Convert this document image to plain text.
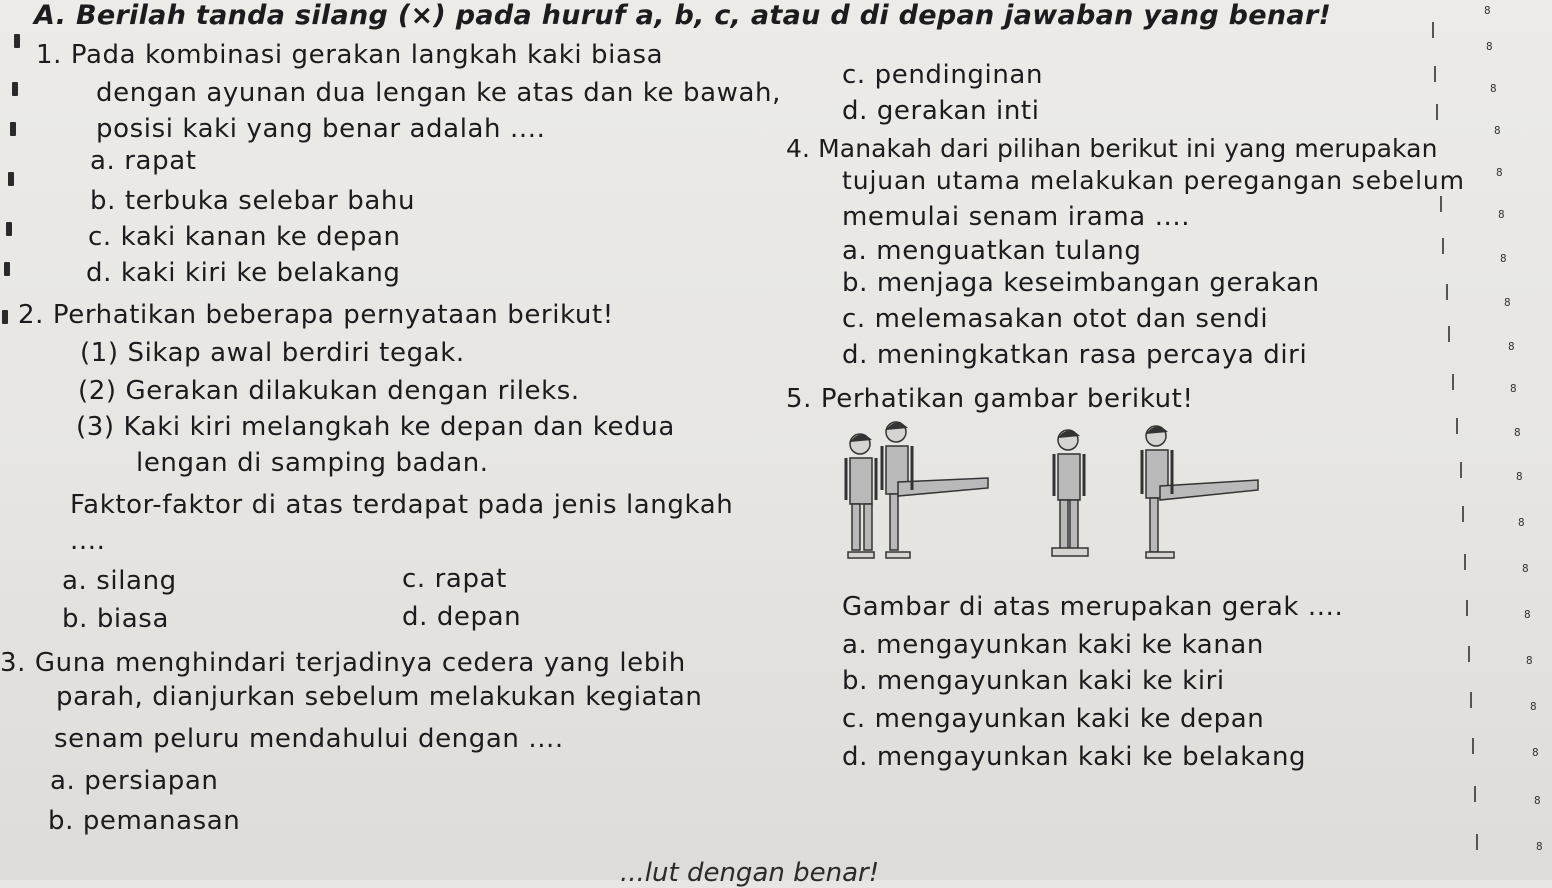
A. Berilah tanda silang (×) pada huruf a, b, c, atau d di depan jawaban yang benar!
1. Pada kombinasi gerakan langkah kaki biasa
dengan ayunan dua lengan ke atas dan ke bawah,
posisi kaki yang benar adalah ....
a. rapat
b. terbuka selebar bahu
c. kaki kanan ke depan
d. kaki kiri ke belakang
2. Perhatikan beberapa pernyataan berikut!
(1) Sikap awal berdiri tegak.
(2) Gerakan dilakukan dengan rileks.
(3) Kaki kiri melangkah ke depan dan kedua
lengan di samping badan.
Faktor-faktor di atas terdapat pada jenis langkah
....
a. silang
b. biasa
c. rapat
d. depan
3. Guna menghindari terjadinya cedera yang lebih
parah, dianjurkan sebelum melakukan kegiatan
senam peluru mendahului dengan ....
a. persiapan
b. pemanasan
c. pendinginan
d. gerakan inti
4. Manakah dari pilihan berikut ini yang merupakan
tujuan utama melakukan peregangan sebelum
memulai senam irama ....
a. menguatkan tulang
b. menjaga keseimbangan gerakan
c. melemasakan otot dan sendi
d. meningkatkan rasa percaya diri
5. Perhatikan gambar berikut!
Gambar di atas merupakan gerak ....
a. mengayunkan kaki ke kanan
b. mengayunkan kaki ke kiri
c. mengayunkan kaki ke depan
d. mengayunkan kaki ke belakang
8
8
8
8
8
8
8
8
8
8
8
8
8
8
8
8
8
8
8
8
...lut dengan benar!
